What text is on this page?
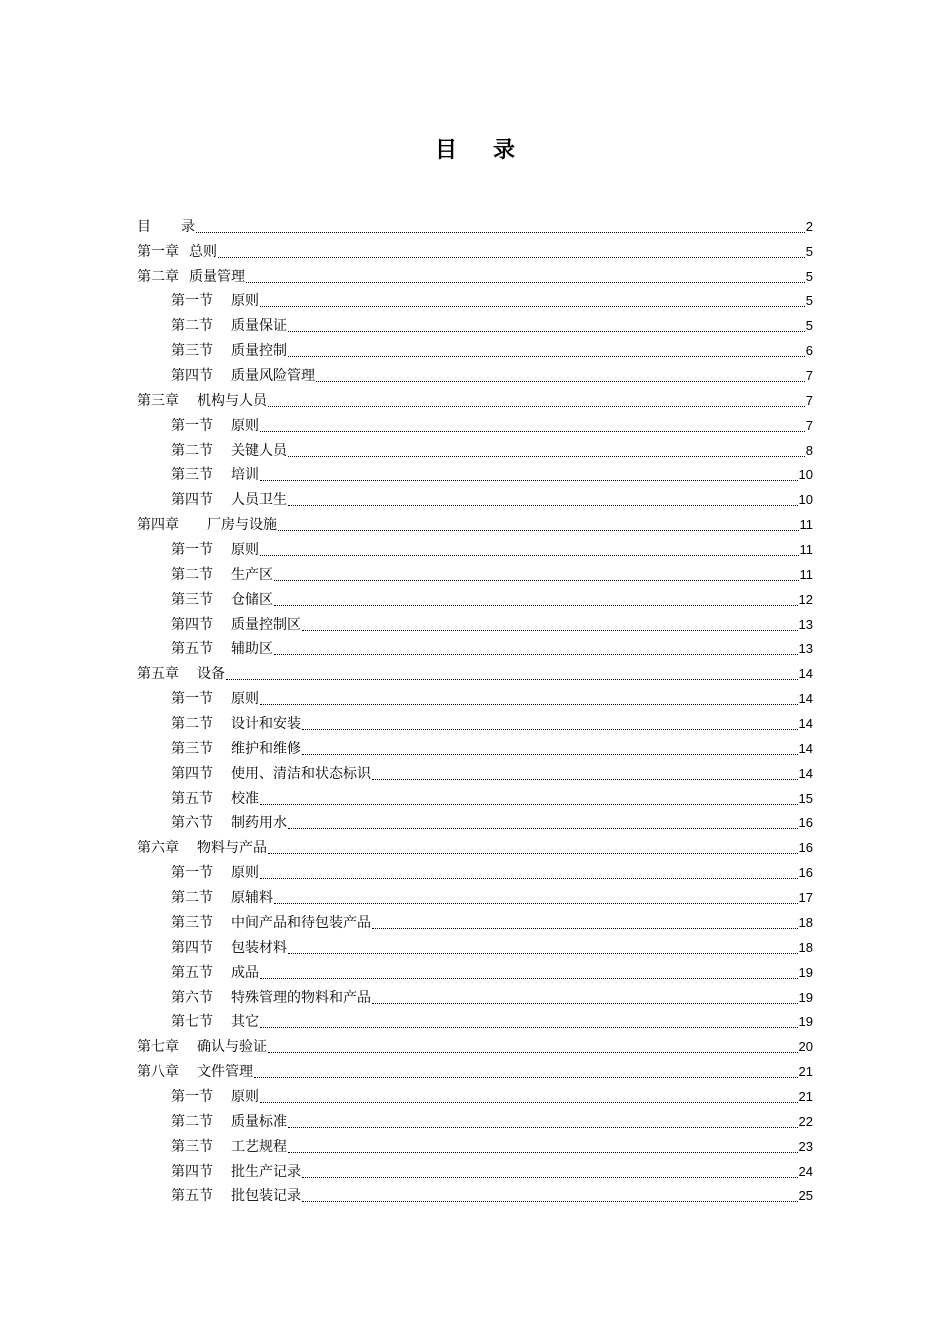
目 录
目 录	2
第一章 总则	5
第二章 质量管理	5
第一节 原则	5
第二节 质量保证	5
第三节 质量控制	6
第四节 质量风险管理	7
第三章 机构与人员	7
第一节 原则	7
第二节 关键人员	8
第三节 培训	10
第四节 人员卫生	10
第四章 厂房与设施	11
第一节 原则	11
第二节 生产区	11
第三节 仓储区	12
第四节 质量控制区	13
第五节 辅助区	13
第五章 设备	14
第一节 原则	14
第二节 设计和安装	14
第三节 维护和维修	14
第四节 使用、清洁和状态标识	14
第五节 校准	15
第六节 制药用水	16
第六章 物料与产品	16
第一节 原则	16
第二节 原辅料	17
第三节 中间产品和待包装产品	18
第四节 包装材料	18
第五节 成品	19
第六节 特殊管理的物料和产品	19
第七节 其它	19
第七章 确认与验证	20
第八章 文件管理	21
第一节 原则	21
第二节 质量标准	22
第三节 工艺规程	23
第四节 批生产记录	24
第五节 批包装记录	25
